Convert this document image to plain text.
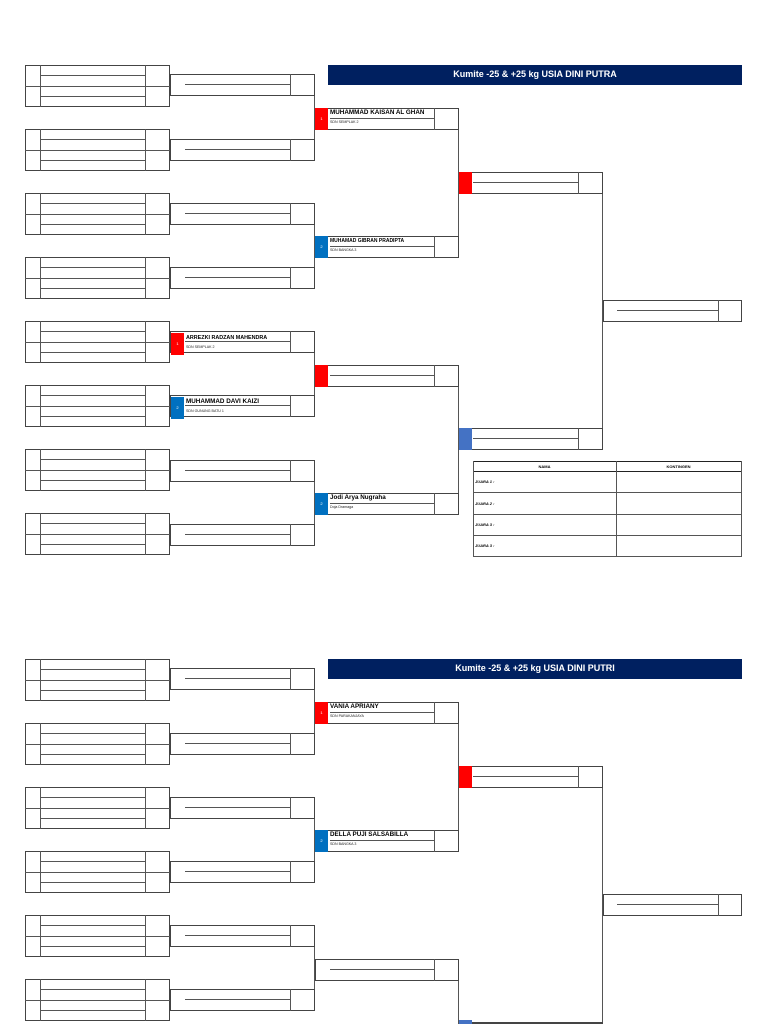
Kumite -25 & +25 kg USIA DINI PUTRA
1
MUHAMMAD KAISAN AL GHAN
SDN SEMPLAK 2
2
MUHAMAD GIBRAN PRADIPTA
SDN BANGKA 3
1
ARREZKI RADZAN MAHENDRA
SDN SEMPLAK 2
2
MUHAMMAD DAVI KAIZI
SDN GUNUNG BATU 1
2
Jodi Arya Nugraha
Doja Dramaga
NAMA	KONTINGEN
JUARA 1 :
JUARA 2 :
JUARA 3 :
JUARA 3 :
Kumite -25 & +25 kg USIA DINI PUTRI
1
VANIA APRIANY
SDN PARAKANJAYA
2
DELLA PUJI SALSABILLA
SDN BANGKA 3
